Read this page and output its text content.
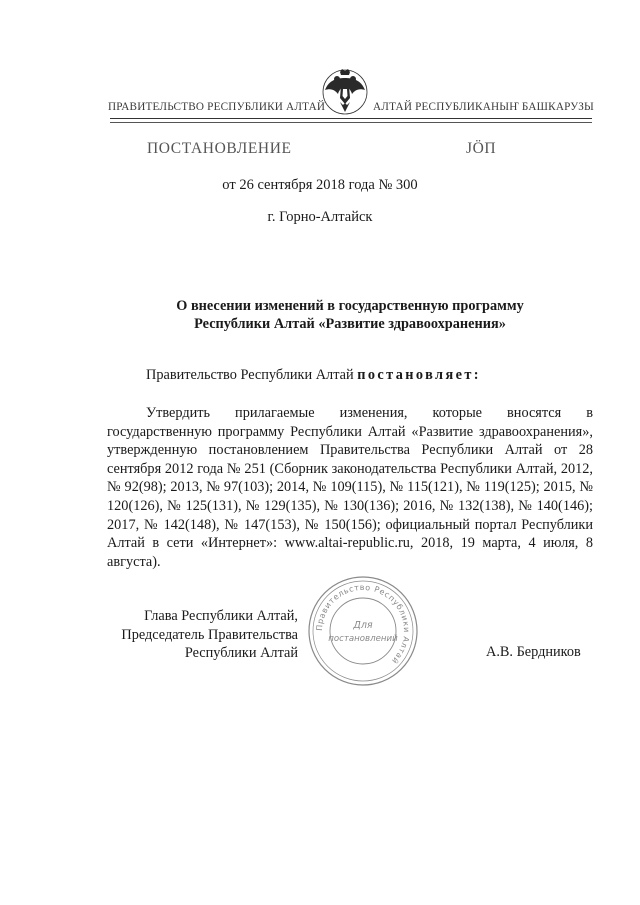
ПРАВИТЕЛЬСТВО РЕСПУБЛИКИ АЛТАЙ	АЛТАЙ РЕСПУБЛИКАНЫҤ БАШКАРУЗЫ
ПОСТАНОВЛЕНИЕ	JӦП
от 26 сентября 2018 года № 300
г. Горно-Алтайск
О внесении изменений в государственную программу
Республики Алтай «Развитие здравоохранения»
Правительство Республики Алтай постановляет:
Утвердить прилагаемые изменения, которые вносятся в государственную программу Республики Алтай «Развитие здравоохранения», утвержденную постановлением Правительства Республики Алтай от 28 сентября 2012 года № 251 (Сборник законодательства Республики Алтай, 2012, № 92(98); 2013, № 97(103); 2014, № 109(115), № 115(121), № 119(125); 2015, № 120(126), № 125(131), № 129(135), № 130(136); 2016, № 132(138), № 140(146); 2017, № 142(148), № 147(153), № 150(156); официальный портал Республики Алтай в сети «Интернет»: www.altai-republic.ru, 2018, 19 марта, 4 июля, 8 августа).
Глава Республики Алтай,
Председатель Правительства
Республики Алтай	А.В. Бердников
Правительство Республики Алтай
Для
постановлений
